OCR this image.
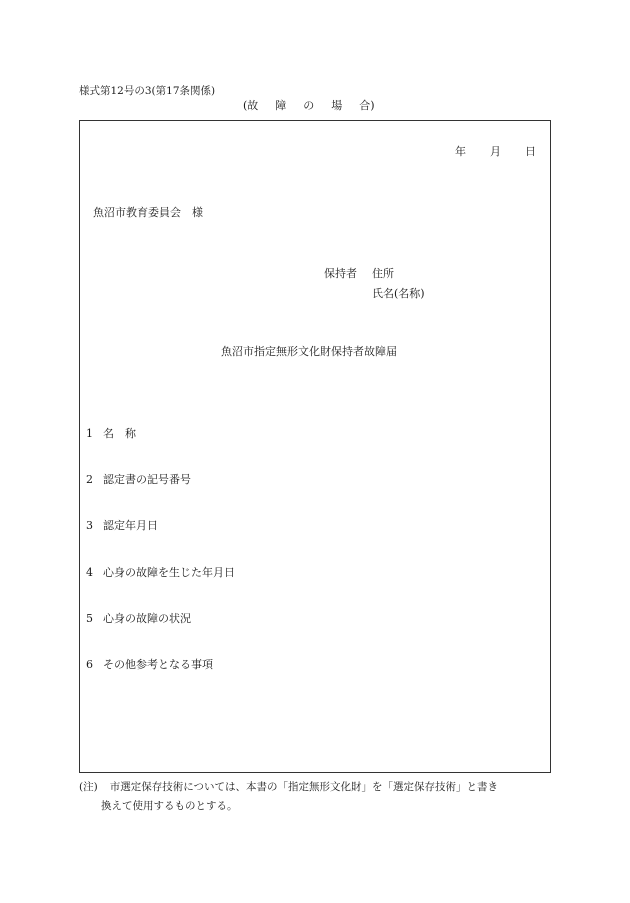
様式第12号の3(第17条関係)
(故 障 の 場 合)
年 月 日
魚沼市教育委員会　様
保持者 住所
氏名(名称)
魚沼市指定無形文化財保持者故障届
1 名　称
2 認定書の記号番号
3 認定年月日
4 心身の故障を生じた年月日
5 心身の故障の状況
6 その他参考となる事項
(注) 市選定保存技術については、本書の「指定無形文化財」を「選定保存技術」と書き
換えて使用するものとする。
